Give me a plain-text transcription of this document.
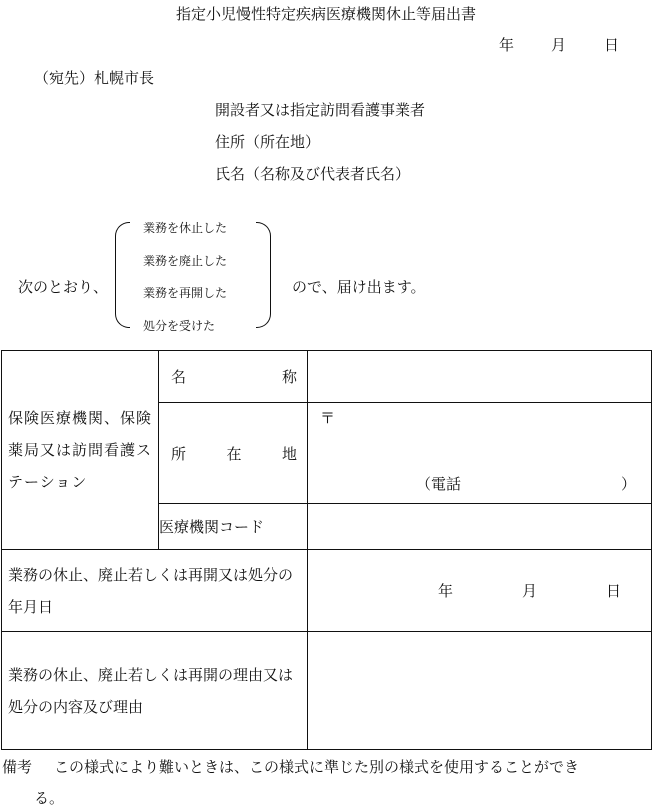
指定小児慢性特定疾病医療機関休止等届出書
年 月	日
（宛先）札幌市長
開設者又は指定訪問看護事業者
住所（所在地）
氏名（名称及び代表者氏名）
次のとおり、
業務を休止した
業務を廃止した
業務を再開した
処分を受けた
ので、届け出ます。
保険医療機関、保険薬局又は訪問看護ステーション	名 称	

	所 在 地	〒
（電話 ）

	医療機関コード	
業務の休止、廃止若しくは再開又は処分の年月日		年 月 日

業務の休止、廃止若しくは再開の理由又は処分の内容及び理由		
備考 この様式により難いときは、この様式に準じた別の様式を使用することができ
る。
